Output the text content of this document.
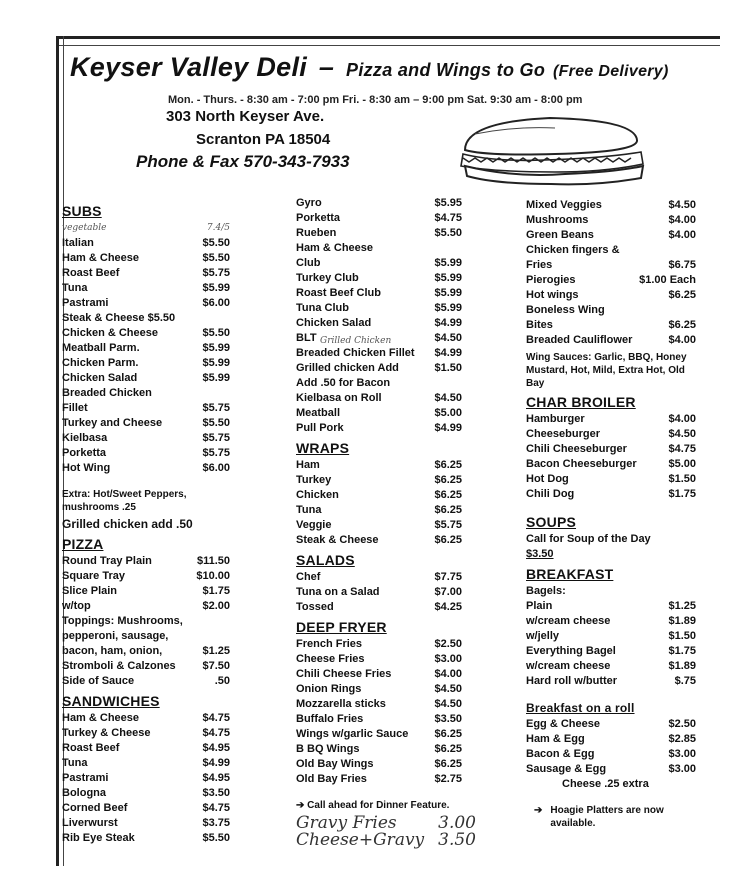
Keyser Valley Deli – Pizza and Wings to Go (Free Delivery)
Mon. - Thurs. - 8:30 am - 7:00 pm Fri. - 8:30 am – 9:00 pm Sat. 9:30 am - 8:00 pm
303 North Keyser Ave.
Scranton PA 18504
Phone & Fax 570-343-7933
SUBS
vegetable	7.4/5
Italian	$5.50
Ham & Cheese	$5.50
Roast Beef	$5.75
Tuna	$5.99
Pastrami	$6.00
Steak & Cheese $5.50
Chicken & Cheese	$5.50
Meatball Parm.	$5.99
Chicken Parm.	$5.99
Chicken Salad	$5.99
Breaded Chicken
Fillet	$5.75
Turkey and Cheese	$5.50
Kielbasa	$5.75
Porketta	$5.75
Hot Wing	$6.00
Extra: Hot/Sweet Peppers, mushrooms .25
Grilled chicken add .50
PIZZA
Round Tray Plain	$11.50
Square Tray	$10.00
Slice Plain	$1.75
w/top	$2.00
Toppings: Mushrooms, pepperoni, sausage,
bacon, ham, onion,	$1.25
Stromboli & Calzones $7.50
Side of Sauce	.50
SANDWICHES
Ham & Cheese	$4.75
Turkey & Cheese	$4.75
Roast Beef	$4.95
Tuna	$4.99
Pastrami	$4.95
Bologna	$3.50
Corned Beef	$4.75
Liverwurst	$3.75
Rib Eye Steak	$5.50
Gyro	$5.95
Porketta	$4.75
Rueben	$5.50
Ham & Cheese
Club	$5.99
Turkey Club	$5.99
Roast Beef Club	$5.99
Tuna Club	$5.99
Chicken Salad	$4.99
BLT	$4.50
Breaded Chicken Fillet $4.99
Grilled chicken Add	$1.50
Add .50 for Bacon
Kielbasa on Roll	$4.50
Meatball	$5.00
Pull Pork	$4.99
Grilled Chicken
WRAPS
Ham	$6.25
Turkey	$6.25
Chicken	$6.25
Tuna	$6.25
Veggie	$5.75
Steak & Cheese	$6.25
SALADS
Chef	$7.75
Tuna on a Salad	$7.00
Tossed	$4.25
DEEP FRYER
French Fries	$2.50
Cheese Fries	$3.00
Chili Cheese Fries	$4.00
Onion Rings	$4.50
Mozzarella sticks	$4.50
Buffalo Fries	$3.50
Wings w/garlic Sauce $6.25
B BQ Wings	$6.25
Old Bay Wings	$6.25
Old Bay Fries	$2.75
➔ Call ahead for Dinner Feature.
Gravy Fries 3.00
Cheese+Gravy 3.50
Mixed Veggies	$4.50
Mushrooms	$4.00
Green Beans	$4.00
Chicken fingers &
Fries	$6.75
Pierogies	$1.00 Each
Hot wings	$6.25
Boneless Wing
Bites	$6.25
Breaded Cauliflower	$4.00
Wing Sauces: Garlic, BBQ, Honey Mustard, Hot, Mild, Extra Hot, Old Bay
CHAR BROILER
Hamburger	$4.00
Cheeseburger	$4.50
Chili Cheeseburger	$4.75
Bacon Cheeseburger	$5.00
Hot Dog	$1.50
Chili Dog	$1.75
SOUPS
Call for Soup of the Day
$3.50
BREAKFAST
Bagels:
Plain	$1.25
w/cream cheese	$1.89
w/jelly	$1.50
Everything Bagel	$1.75
w/cream cheese	$1.89
Hard roll w/butter	$.75
Breakfast on a roll
Egg & Cheese	$2.50
Ham & Egg	$2.85
Bacon & Egg	$3.00
Sausage & Egg	$3.00
Cheese .25 extra
➔ Hoagie Platters are now available.
